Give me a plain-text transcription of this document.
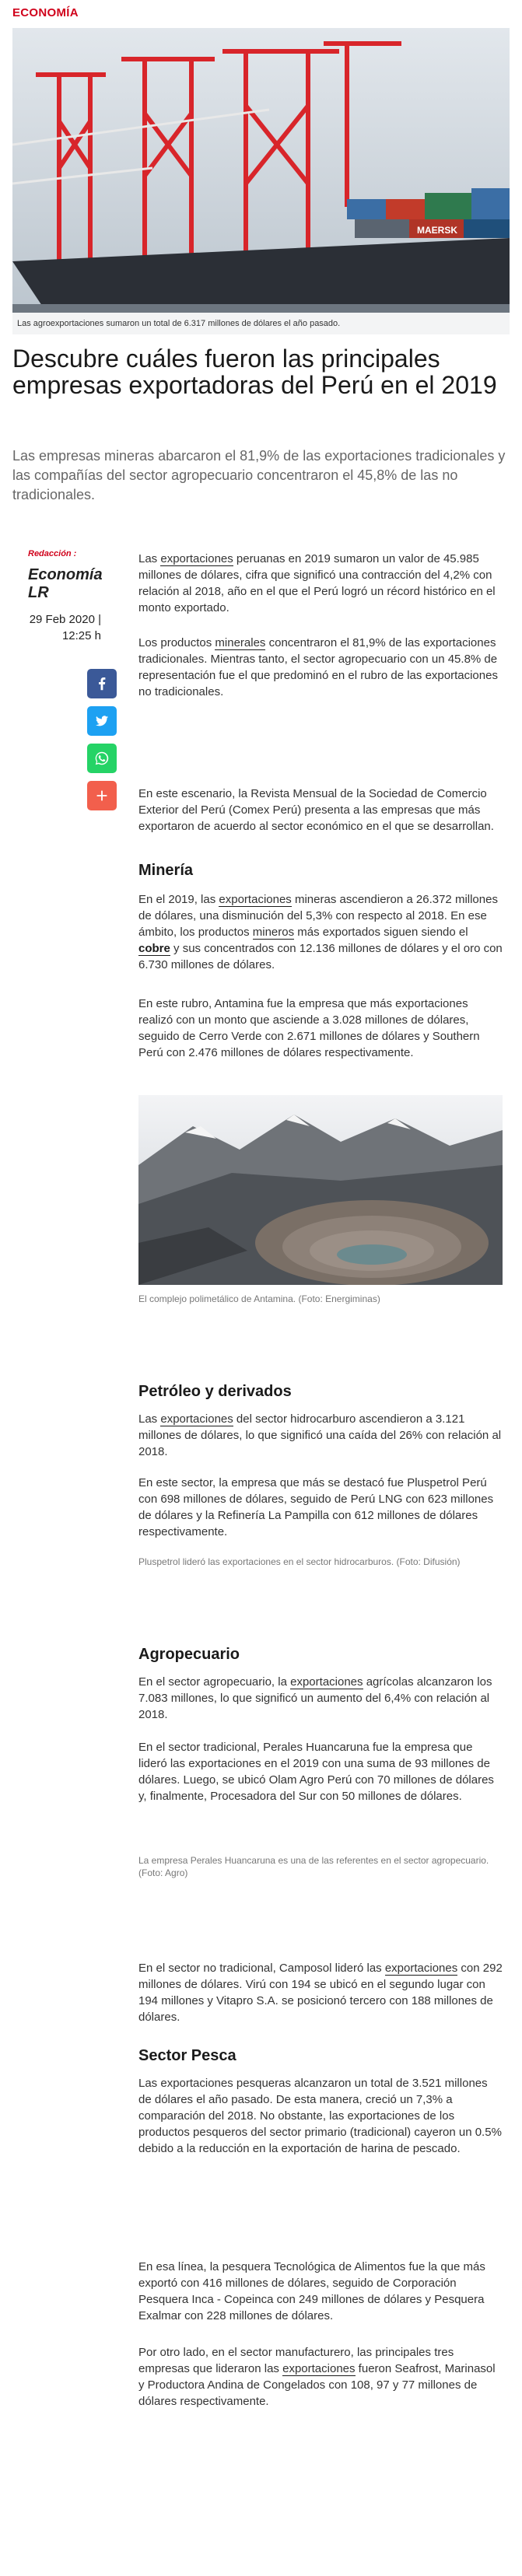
ECONOMÍA
MAERSK
Las agroexportaciones sumaron un total de 6.317 millones de dólares el año pasado.
Descubre cuáles fueron las principales empresas exportadoras del Perú en el 2019
Las empresas mineras abarcaron el 81,9% de las exportaciones tradicionales y las compañías del sector agropecuario concentraron el 45,8% de las no tradicionales.
Redacción :
Economía LR
29 Feb 2020 |
12:25 h

Las exportaciones peruanas en 2019 sumaron un valor de 45.985 millones de dólares, cifra que significó una contracción del 4,2% con relación al 2018, año en el que el Perú logró un récord histórico en el monto exportado.

Los productos minerales concentraron el 81,9% de las exportaciones tradicionales. Mientras tanto, el sector agropecuario con un 45.8% de representación fue el que predominó en el rubro de las exportaciones no tradicionales.

En este escenario, la Revista Mensual de la Sociedad de Comercio Exterior del Perú (Comex Perú) presenta a las empresas que más exportaron de acuerdo al sector económico en el que se desarrollan.

Minería

En el 2019, las exportaciones mineras ascendieron a 26.372 millones de dólares, una disminución del 5,3% con respecto al 2018. En ese ámbito, los productos mineros más exportados siguen siendo el cobre y sus concentrados con 12.136 millones de dólares y el oro con 6.730 millones de dólares.

En este rubro, Antamina fue la empresa que más exportaciones realizó con un monto que asciende a 3.028 millones de dólares, seguido de Cerro Verde con 2.671 millones de dólares y Southern Perú con 2.476 millones de dólares respectivamente.

El complejo polimetálico de Antamina. (Foto: Energiminas)

Petróleo y derivados

Las exportaciones del sector hidrocarburo ascendieron a 3.121 millones de dólares, lo que significó una caída del 26% con relación al 2018.

En este sector, la empresa que más se destacó fue Pluspetrol Perú con 698 millones de dólares, seguido de Perú LNG con 623 millones de dólares y la Refinería La Pampilla con 612 millones de dólares respectivamente.

Pluspetrol lideró las exportaciones en el sector hidrocarburos. (Foto: Difusión)

Agropecuario

En el sector agropecuario, la exportaciones agrícolas alcanzaron los 7.083 millones, lo que significó un aumento del 6,4% con relación al 2018.

En el sector tradicional, Perales Huancaruna fue la empresa que lideró las exportaciones en el 2019 con una suma de 93 millones de dólares. Luego, se ubicó Olam Agro Perú con 70 millones de dólares y, finalmente, Procesadora del Sur con 50 millones de dólares.

La empresa Perales Huancaruna es una de las referentes en el sector agropecuario. (Foto: Agro)

En el sector no tradicional, Camposol lideró las exportaciones con 292 millones de dólares. Virú con 194 se ubicó en el segundo lugar con 194 millones y Vitapro S.A. se posicionó tercero con 188 millones de dólares.

Sector Pesca

Las exportaciones pesqueras alcanzaron un total de 3.521 millones de dólares el año pasado. De esta manera, creció un 7,3% a comparación del 2018. No obstante, las exportaciones de los productos pesqueros del sector primario (tradicional) cayeron un 0.5% debido a la reducción en la exportación de harina de pescado.

En esa línea, la pesquera Tecnológica de Alimentos fue la que más exportó con 416 millones de dólares, seguido de Corporación Pesquera Inca - Copeinca con 249 millones de dólares y Pesquera Exalmar con 228 millones de dólares.

Por otro lado, en el sector manufacturero, las principales tres empresas que lideraron las exportaciones fueron Seafrost, Marinasol y Productora Andina de Congelados con 108, 97 y 77 millones de dólares respectivamente.
